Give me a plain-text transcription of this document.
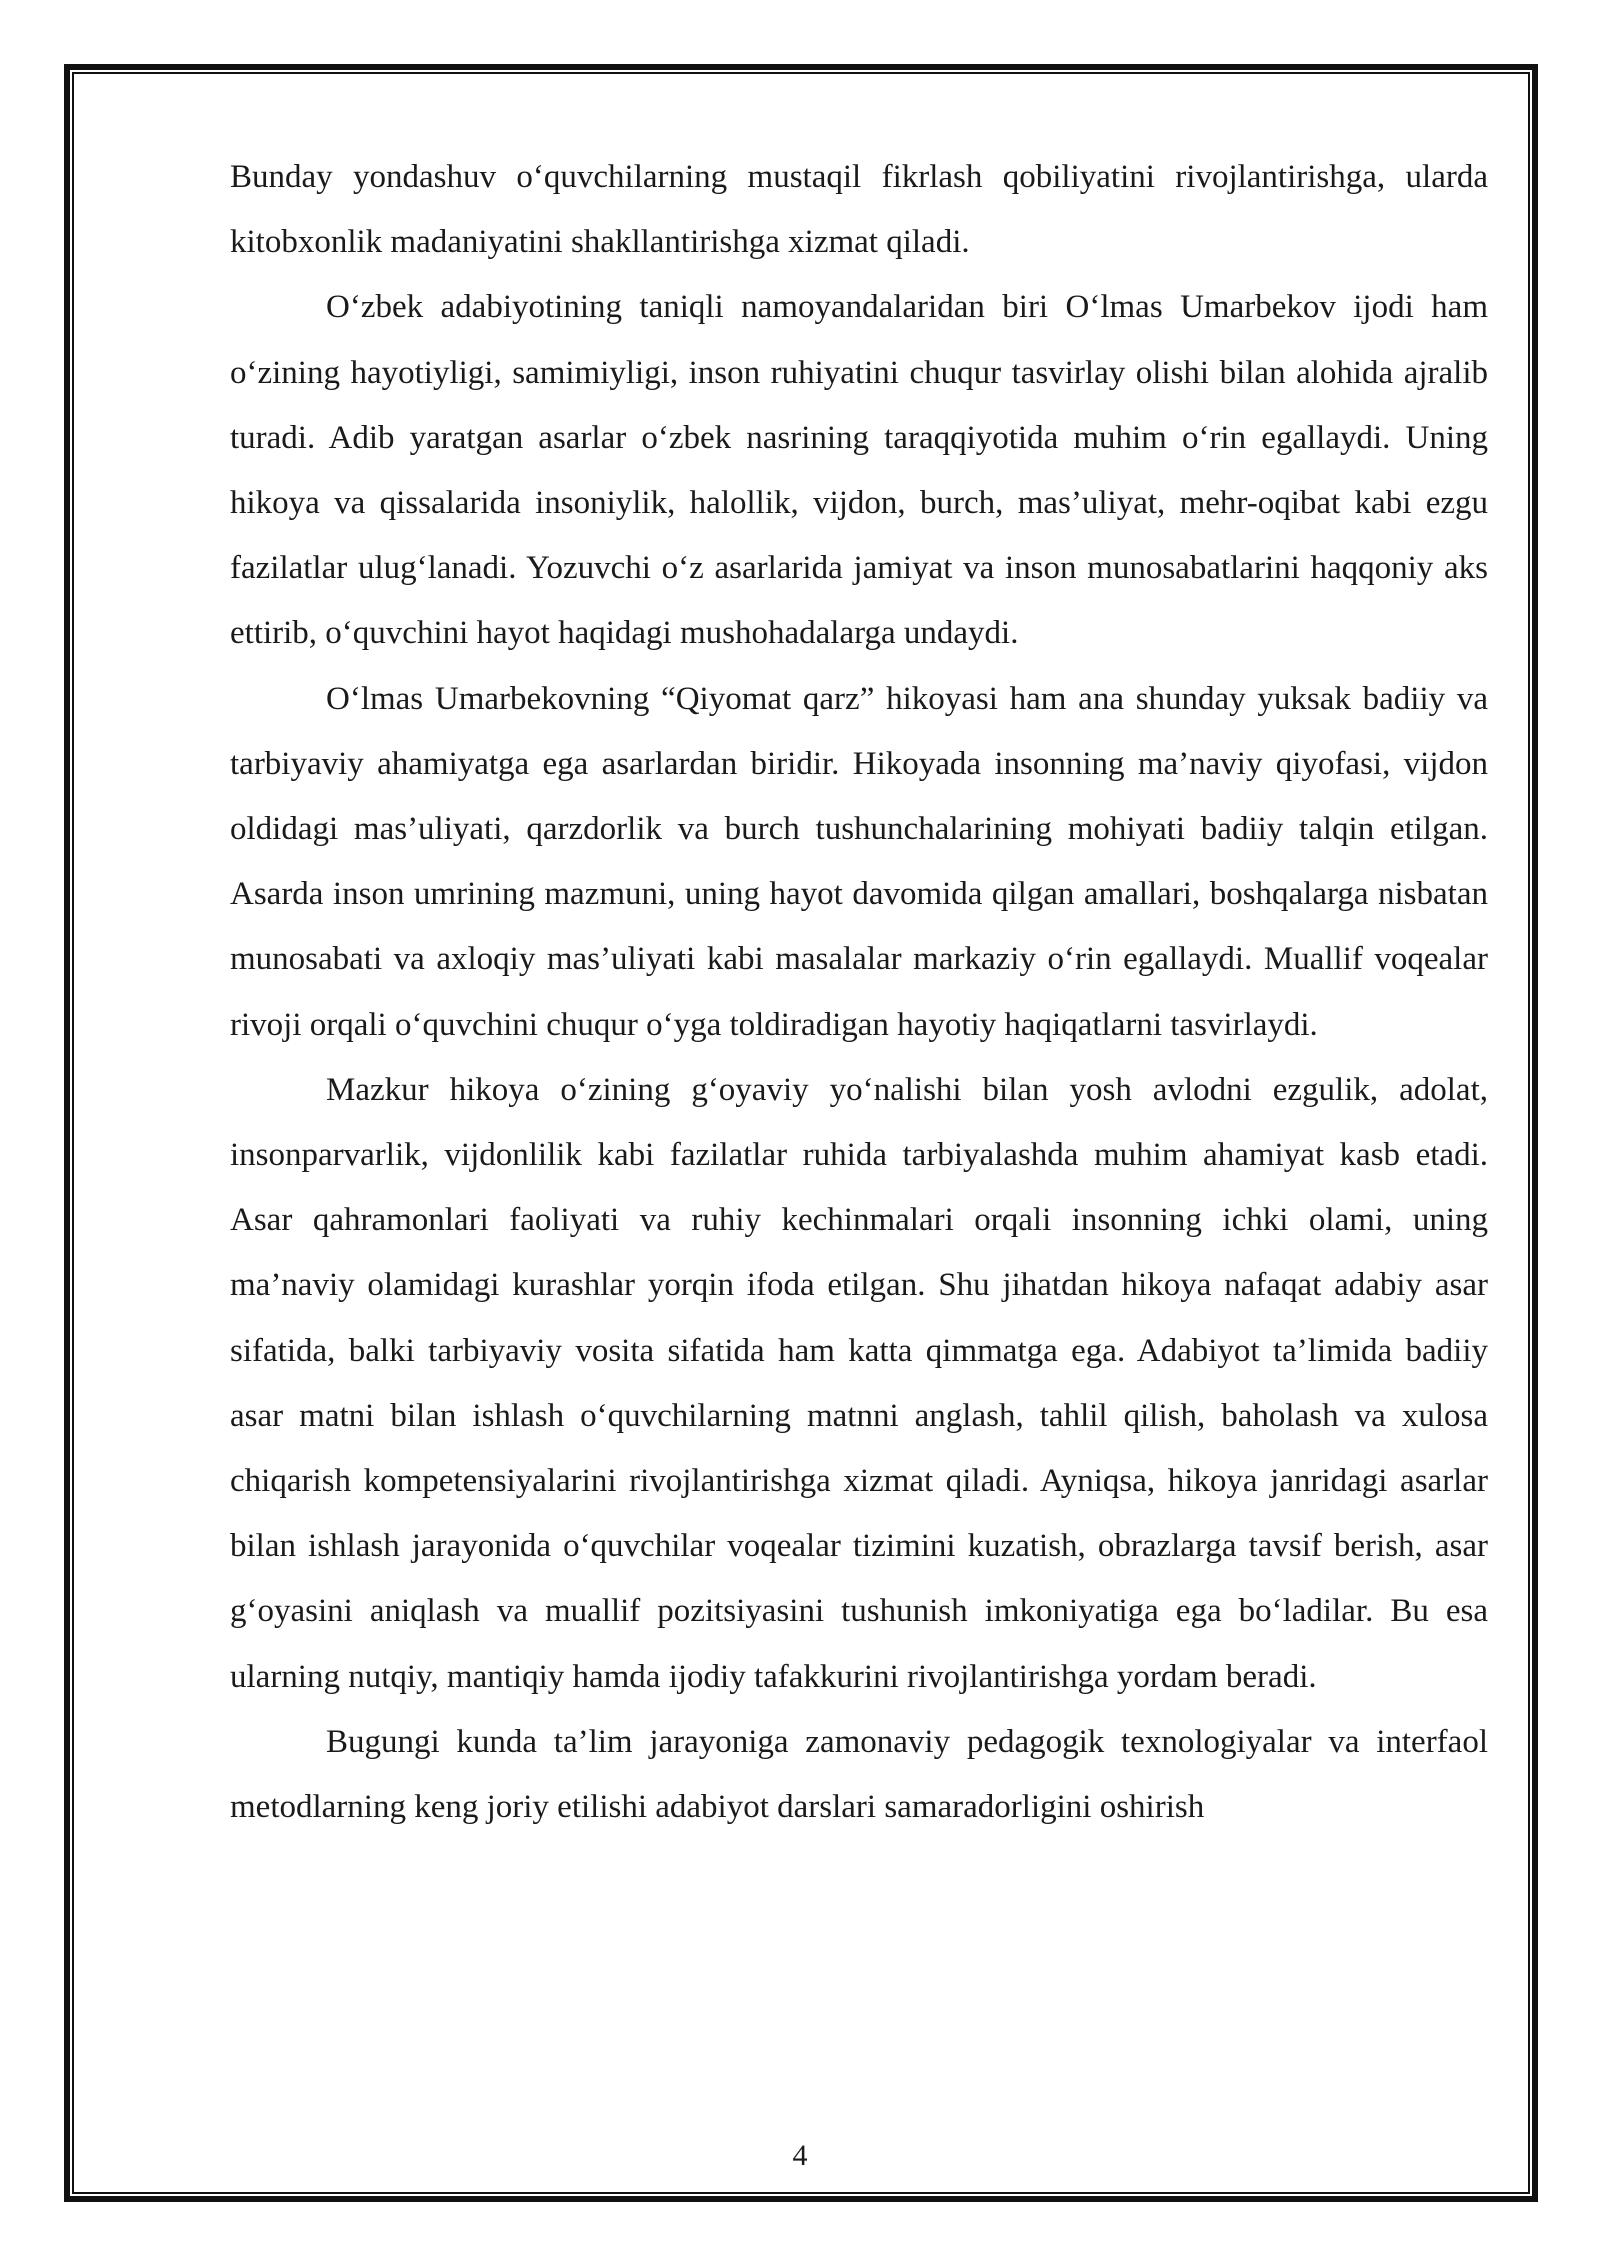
Bunday yondashuv o‘quvchilarning mustaqil fikrlash qobiliyatini rivojlantirishga, ularda kitobxonlik madaniyatini shakllantirishga xizmat qiladi.

O‘zbek adabiyotining taniqli namoyandalaridan biri O‘lmas Umarbekov ijodi ham o‘zining hayotiyligi, samimiyligi, inson ruhiyatini chuqur tasvirlay olishi bilan alohida ajralib turadi. Adib yaratgan asarlar o‘zbek nasrining taraqqiyotida muhim o‘rin egallaydi. Uning hikoya va qissalarida insoniylik, halollik, vijdon, burch, mas’uliyat, mehr-oqibat kabi ezgu fazilatlar ulug‘lanadi. Yozuvchi o‘z asarlarida jamiyat va inson munosabatlarini haqqoniy aks ettirib, o‘quvchini hayot haqidagi mushohadalarga undaydi.

O‘lmas Umarbekovning “Qiyomat qarz” hikoyasi ham ana shunday yuksak badiiy va tarbiyaviy ahamiyatga ega asarlardan biridir. Hikoyada insonning ma’naviy qiyofasi, vijdon oldidagi mas’uliyati, qarzdorlik va burch tushunchalarining mohiyati badiiy talqin etilgan. Asarda inson umrining mazmuni, uning hayot davomida qilgan amallari, boshqalarga nisbatan munosabati va axloqiy mas’uliyati kabi masalalar markaziy o‘rin egallaydi. Muallif voqealar rivoji orqali o‘quvchini chuqur o‘yga toldiradigan hayotiy haqiqatlarni tasvirlaydi.

Mazkur hikoya o‘zining g‘oyaviy yo‘nalishi bilan yosh avlodni ezgulik, adolat, insonparvarlik, vijdonlilik kabi fazilatlar ruhida tarbiyalashda muhim ahamiyat kasb etadi. Asar qahramonlari faoliyati va ruhiy kechinmalari orqali insonning ichki olami, uning ma’naviy olamidagi kurashlar yorqin ifoda etilgan. Shu jihatdan hikoya nafaqat adabiy asar sifatida, balki tarbiyaviy vosita sifatida ham katta qimmatga ega. Adabiyot ta’limida badiiy asar matni bilan ishlash o‘quvchilarning matnni anglash, tahlil qilish, baholash va xulosa chiqarish kompetensiyalarini rivojlantirishga xizmat qiladi. Ayniqsa, hikoya janridagi asarlar bilan ishlash jarayonida o‘quvchilar voqealar tizimini kuzatish, obrazlarga tavsif berish, asar g‘oyasini aniqlash va muallif pozitsiyasini tushunish imkoniyatiga ega bo‘ladilar. Bu esa ularning nutqiy, mantiqiy hamda ijodiy tafakkurini rivojlantirishga yordam beradi.

Bugungi kunda ta’lim jarayoniga zamonaviy pedagogik texnologiyalar va interfaol metodlarning keng joriy etilishi adabiyot darslari samaradorligini oshirish

4
